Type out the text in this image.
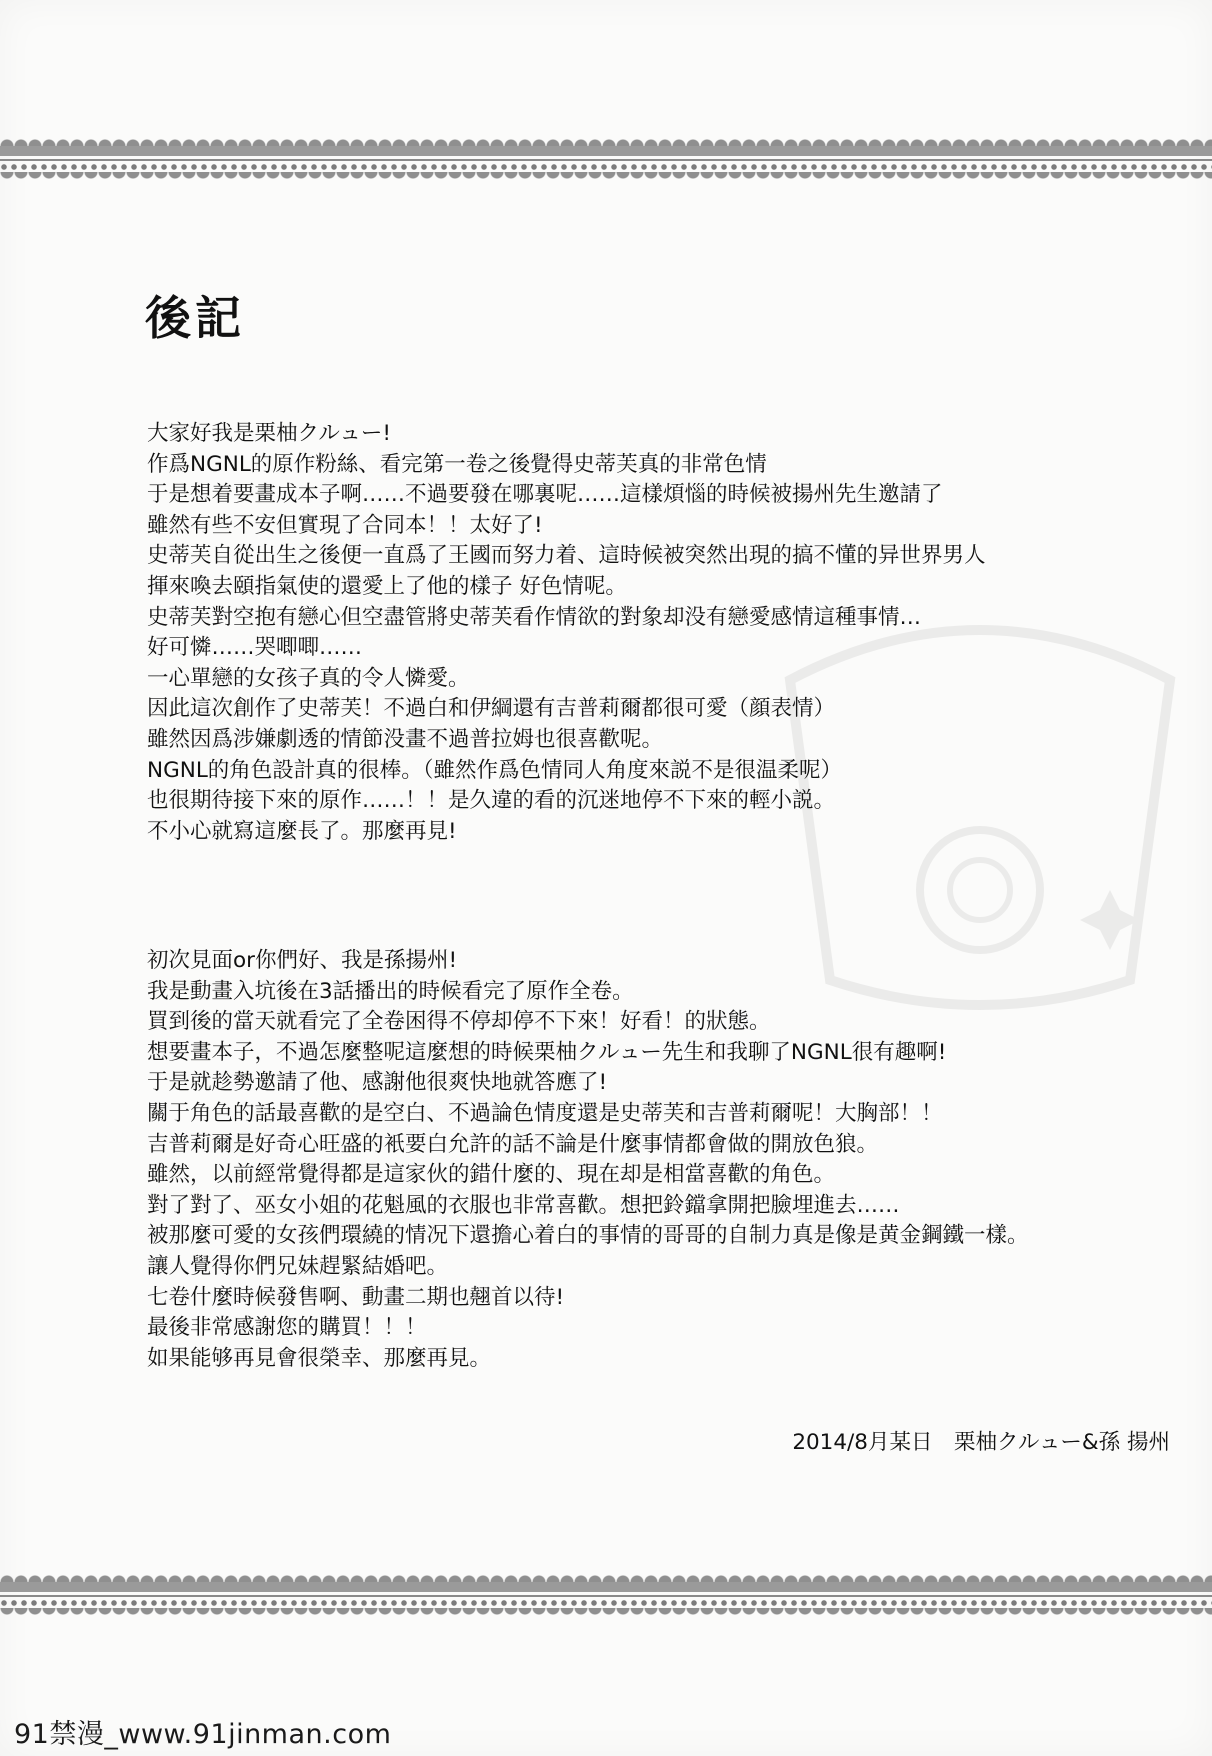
後記
大家好我是栗柚クルュー!
作爲NGNL的原作粉絲、看完第一卷之後覺得史蒂芙真的非常色情
于是想着要畫成本子啊……不過要發在哪裏呢……這樣煩惱的時候被揚州先生邀請了
雖然有些不安但實現了合同本！！太好了!
史蒂芙自從出生之後便一直爲了王國而努力着、這時候被突然出現的搞不懂的异世界男人
揮來喚去頤指氣使的還愛上了他的樣子 好色情呢。
史蒂芙對空抱有戀心但空盡管將史蒂芙看作情欲的對象却没有戀愛感情這種事情…
好可憐……哭唧唧……
一心單戀的女孩子真的令人憐愛。
因此這次創作了史蒂芙！不過白和伊綱還有吉普莉爾都很可愛（顔表情）
雖然因爲涉嫌劇透的情節没畫不過普拉姆也很喜歡呢。
NGNL的角色設計真的很棒。（雖然作爲色情同人角度來説不是很温柔呢）
也很期待接下來的原作……！！是久違的看的沉迷地停不下來的輕小説。
不小心就寫這麼長了。那麼再見!
初次見面or你們好、我是孫揚州!
我是動畫入坑後在3話播出的時候看完了原作全卷。
買到後的當天就看完了全卷困得不停却停不下來！好看！的狀態。
想要畫本子，不過怎麼整呢這麼想的時候栗柚クルュー先生和我聊了NGNL很有趣啊!
于是就趁勢邀請了他、感謝他很爽快地就答應了!
關于角色的話最喜歡的是空白、不過論色情度還是史蒂芙和吉普莉爾呢！大胸部！！
吉普莉爾是好奇心旺盛的衹要白允許的話不論是什麼事情都會做的開放色狼。
雖然，以前經常覺得都是這家伙的錯什麼的、現在却是相當喜歡的角色。
對了對了、巫女小姐的花魁風的衣服也非常喜歡。想把鈴鐺拿開把臉埋進去……
被那麼可愛的女孩們環繞的情况下還擔心着白的事情的哥哥的自制力真是像是黄金鋼鐵一樣。
讓人覺得你們兄妹趕緊結婚吧。
七卷什麼時候發售啊、動畫二期也翹首以待!
最後非常感謝您的購買！！！
如果能够再見會很榮幸、那麼再見。
2014/8月某日　栗柚クルュー&孫 揚州
91禁漫_www.91jinman.com
